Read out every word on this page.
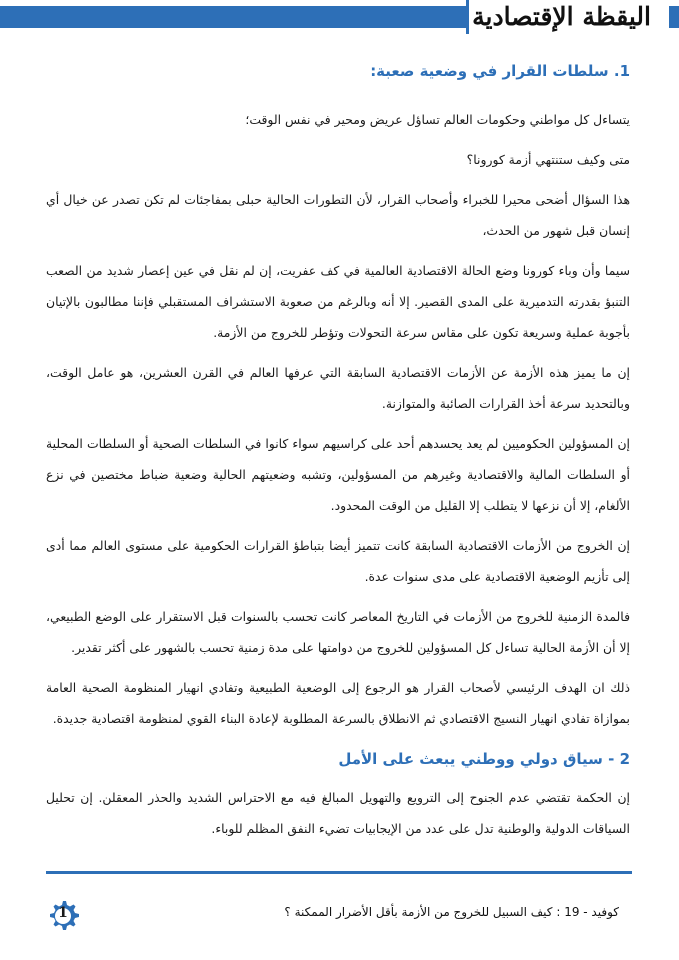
اليقظة الإقتصادية
1. سلطات القرار في وضعية صعبة:

يتساءل كل مواطني وحكومات العالم تساؤل عريض ومحير في نفس الوقت؛

متى وكيف ستنتهي أزمة كورونا؟

هذا السؤال أضحى محيرا للخبراء وأصحاب القرار، لأن التطورات الحالية حبلى بمفاجئات لم تكن تصدر عن خيال أي إنسان قبل شهور من الحدث،

سيما وأن وباء كورونا وضع الحالة الاقتصادية العالمية في كف عفريت، إن لم نقل في عين إعصار شديد من الصعب التنبؤ بقدرته التدميرية على المدى القصير. إلا أنه وبالرغم من صعوبة الاستشراف المستقبلي فإننا مطالبون بالإتيان بأجوبة عملية وسريعة تكون على مقاس سرعة التحولات وتؤطر للخروج من الأزمة.

إن ما يميز هذه الأزمة عن الأزمات الاقتصادية السابقة التي عرفها العالم في القرن العشرين، هو عامل الوقت، وبالتحديد سرعة أخذ القرارات الصائبة والمتوازنة.

إن المسؤولين الحكوميين لم يعد يحسدهم أحد على كراسيهم سواء كانوا في السلطات الصحية أو السلطات المحلية أو السلطات المالية والاقتصادية وغيرهم من المسؤولين، وتشبه وضعيتهم الحالية وضعية ضباط مختصين في نزع الألغام، إلا أن نزعها لا يتطلب إلا القليل من الوقت المحدود.

إن الخروج من الأزمات الاقتصادية السابقة كانت تتميز أيضا بتباطؤ القرارات الحكومية على مستوى العالم مما أدى إلى تأزيم الوضعية الاقتصادية على مدى سنوات عدة.

فالمدة الزمنية للخروج من الأزمات في التاريخ المعاصر كانت تحسب بالسنوات قبل الاستقرار على الوضع الطبيعي، إلا أن الأزمة الحالية تساءل كل المسؤولين للخروج من دوامتها على مدة زمنية تحسب بالشهور على أكثر تقدير.

ذلك ان الهدف الرئيسي لأصحاب القرار هو الرجوع إلى الوضعية الطبيعية وتفادي انهيار المنظومة الصحية العامة بموازاة تفادي انهيار النسيج الاقتصادي ثم الانطلاق بالسرعة المطلوبة لإعادة البناء القوي لمنظومة اقتصادية جديدة.

2 - سياق دولي ووطني يبعث على الأمل

إن الحكمة تقتضي عدم الجنوح إلى الترويع والتهويل المبالغ فيه مع الاحتراس الشديد والحذر المعقلن. إن تحليل السياقات الدولية والوطنية تدل على عدد من الإيجابيات تضيء النفق المظلم للوباء.

1	كوفيد - 19 : كيف السبيل للخروج من الأزمة بأقل الأضرار الممكنة ؟
